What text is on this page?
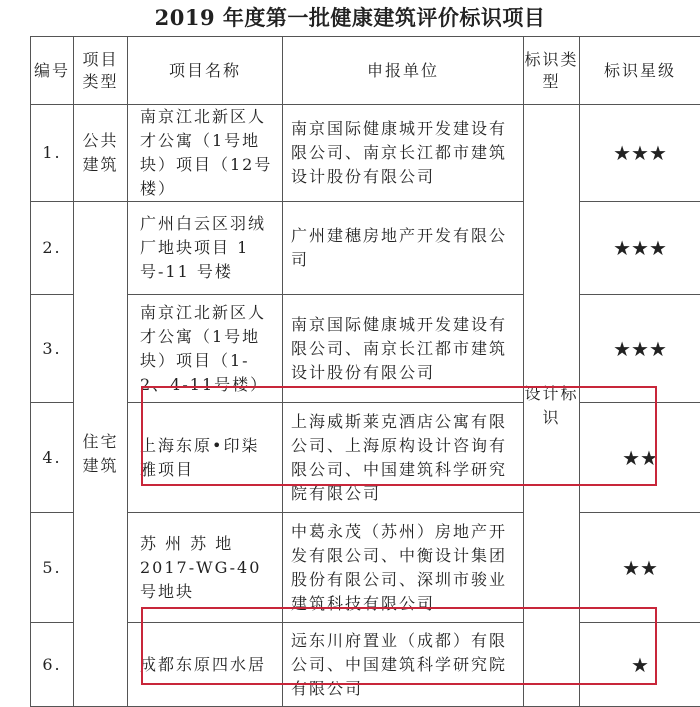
2019 年度第一批健康建筑评价标识项目
编号	项目类型	项目名称	申报单位	标识类型	标识星级
1.	公共建筑	南京江北新区人才公寓（1号地块）项目（12号楼）	南京国际健康城开发建设有限公司、南京长江都市建筑设计股份有限公司	设计标识	★★★
2.	住宅建筑	广州白云区羽绒厂地块项目 1 号-11 号楼	广州建穗房地产开发有限公司		★★★
3.		南京江北新区人才公寓（1号地块）项目（1-2、4-11号楼）	南京国际健康城开发建设有限公司、南京长江都市建筑设计股份有限公司		★★★
4.		上海东原•印柒雅项目	上海威斯莱克酒店公寓有限公司、上海原构设计咨询有限公司、中国建筑科学研究院有限公司		★★
5.		苏 州 苏 地 2017-WG-40 号地块	中葛永茂（苏州）房地产开发有限公司、中衡设计集团股份有限公司、深圳市骏业建筑科技有限公司		★★
6.		成都东原四水居	远东川府置业（成都）有限公司、中国建筑科学研究院有限公司		★
